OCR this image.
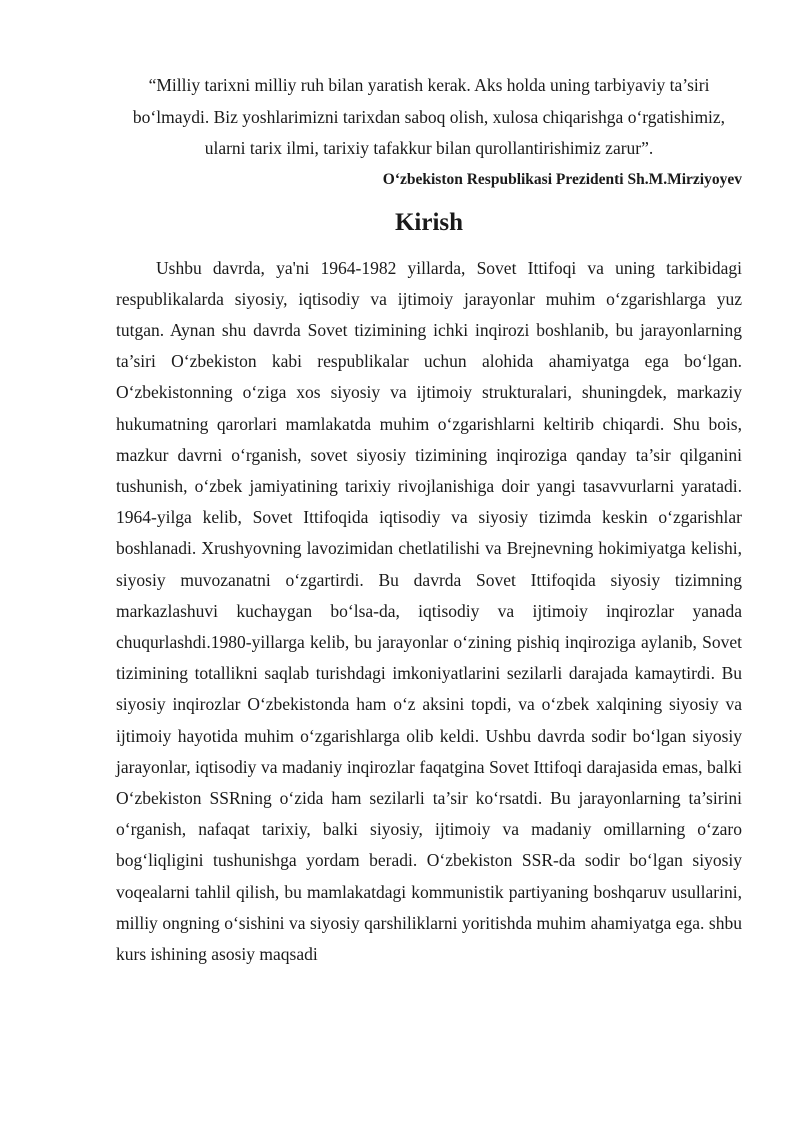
“Milliy tarixni milliy ruh bilan yaratish kerak. Aks holda uning tarbiyaviy ta’siri bo‘lmaydi. Biz yoshlarimizni tarixdan saboq olish, xulosa chiqarishga o‘rgatishimiz, ularni tarix ilmi, tarixiy tafakkur bilan qurollantirishimiz zarur”.

O‘zbekiston Respublikasi Prezidenti Sh.M.Mirziyoyev

Kirish

Ushbu davrda, ya'ni 1964-1982 yillarda, Sovet Ittifoqi va uning tarkibidagi respublikalarda siyosiy, iqtisodiy va ijtimoiy jarayonlar muhim o‘zgarishlarga yuz tutgan. Aynan shu davrda Sovet tizimining ichki inqirozi boshlanib, bu jarayonlarning ta’siri O‘zbekiston kabi respublikalar uchun alohida ahamiyatga ega bo‘lgan. O‘zbekistonning o‘ziga xos siyosiy va ijtimoiy strukturalari, shuningdek, markaziy hukumatning qarorlari mamlakatda muhim o‘zgarishlarni keltirib chiqardi. Shu bois, mazkur davrni o‘rganish, sovet siyosiy tizimining inqiroziga qanday ta’sir qilganini tushunish, o‘zbek jamiyatining tarixiy rivojlanishiga doir yangi tasavvurlarni yaratadi. 1964-yilga kelib, Sovet Ittifoqida iqtisodiy va siyosiy tizimda keskin o‘zgarishlar boshlanadi. Xrushyovning lavozimidan chetlatilishi va Brejnevning hokimiyatga kelishi, siyosiy muvozanatni o‘zgartirdi. Bu davrda Sovet Ittifoqida siyosiy tizimning markazlashuvi kuchaygan bo‘lsa-da, iqtisodiy va ijtimoiy inqirozlar yanada chuqurlashdi.1980-yillarga kelib, bu jarayonlar o‘zining pishiq inqiroziga aylanib, Sovet tizimining totallikni saqlab turishdagi imkoniyatlarini sezilarli darajada kamaytirdi. Bu siyosiy inqirozlar O‘zbekistonda ham o‘z aksini topdi, va o‘zbek xalqining siyosiy va ijtimoiy hayotida muhim o‘zgarishlarga olib keldi. Ushbu davrda sodir bo‘lgan siyosiy jarayonlar, iqtisodiy va madaniy inqirozlar faqatgina Sovet Ittifoqi darajasida emas, balki O‘zbekiston SSRning o‘zida ham sezilarli ta’sir ko‘rsatdi. Bu jarayonlarning ta’sirini o‘rganish, nafaqat tarixiy, balki siyosiy, ijtimoiy va madaniy omillarning o‘zaro bog‘liqligini tushunishga yordam beradi. O‘zbekiston SSR-da sodir bo‘lgan siyosiy voqealarni tahlil qilish, bu mamlakatdagi kommunistik partiyaning boshqaruv usullarini, milliy ongning o‘sishini va siyosiy qarshiliklarni yoritishda muhim ahamiyatga ega. shbu kurs ishining asosiy maqsadi
